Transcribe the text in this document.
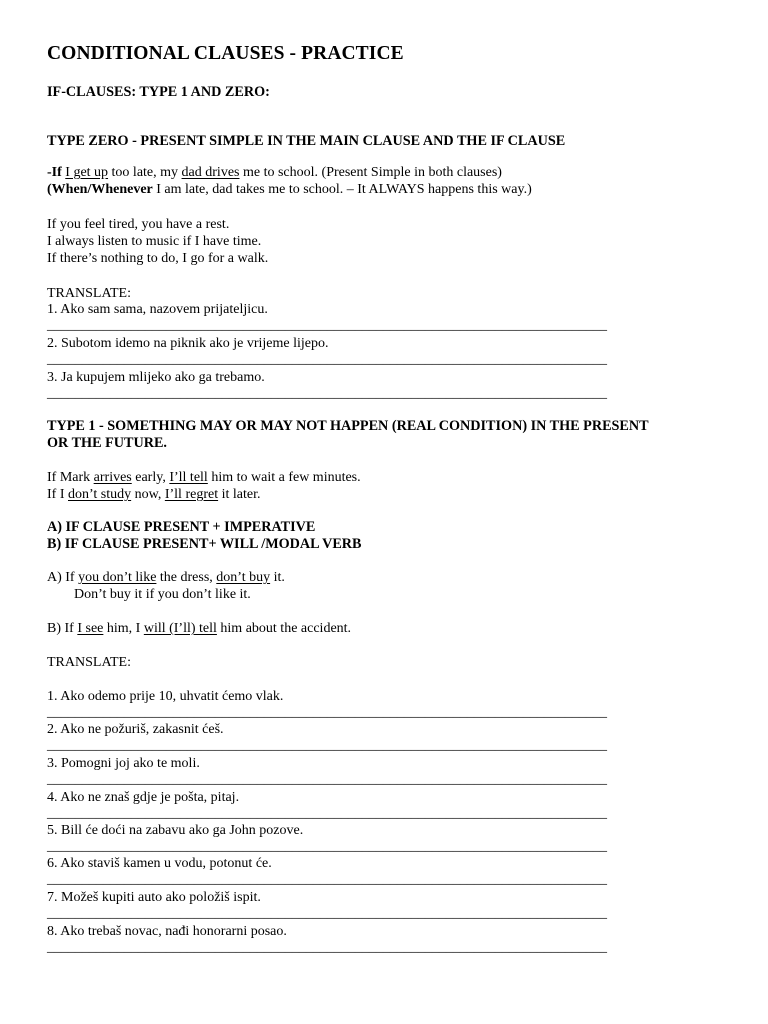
CONDITIONAL CLAUSES - PRACTICE
IF-CLAUSES: TYPE 1 AND ZERO:
TYPE ZERO - PRESENT SIMPLE IN THE MAIN CLAUSE AND THE IF CLAUSE
-If I get up too late, my dad drives me to school. (Present Simple in both clauses)
(When/Whenever I am late, dad takes me to school. – It ALWAYS happens this way.)
If you feel tired, you have a rest.
I always listen to music if I have time.
If there’s nothing to do, I go for a walk.
TRANSLATE:
1. Ako sam sama, nazovem prijateljicu.
________________________________________________________________________________
2. Subotom idemo na piknik ako je vrijeme lijepo.
________________________________________________________________________________
3. Ja kupujem mlijeko ako ga trebamo.
________________________________________________________________________________
TYPE 1 - SOMETHING MAY OR MAY NOT HAPPEN (REAL CONDITION) IN THE PRESENT
OR THE FUTURE.
If Mark arrives early, I’ll tell him to wait a few minutes.
If I don’t study now, I’ll regret it later.
A) IF CLAUSE PRESENT + IMPERATIVE
B) IF CLAUSE PRESENT+ WILL /MODAL VERB
A) If you don’t like the dress, don’t buy it.
Don’t buy it if you don’t like it.
B) If I see him, I will (I’ll) tell him about the accident.
TRANSLATE:
1. Ako odemo prije 10, uhvatit ćemo vlak.
________________________________________________________________________________
2. Ako ne požuriš, zakasnit ćeš.
________________________________________________________________________________
3. Pomogni joj ako te moli.
________________________________________________________________________________
4. Ako ne znaš gdje je pošta, pitaj.
________________________________________________________________________________
5. Bill će doći na zabavu ako ga John pozove.
________________________________________________________________________________
6. Ako staviš kamen u vodu, potonut će.
________________________________________________________________________________
7. Možeš kupiti auto ako položiš ispit.
________________________________________________________________________________
8. Ako trebaš novac, nađi honorarni posao.
________________________________________________________________________________
